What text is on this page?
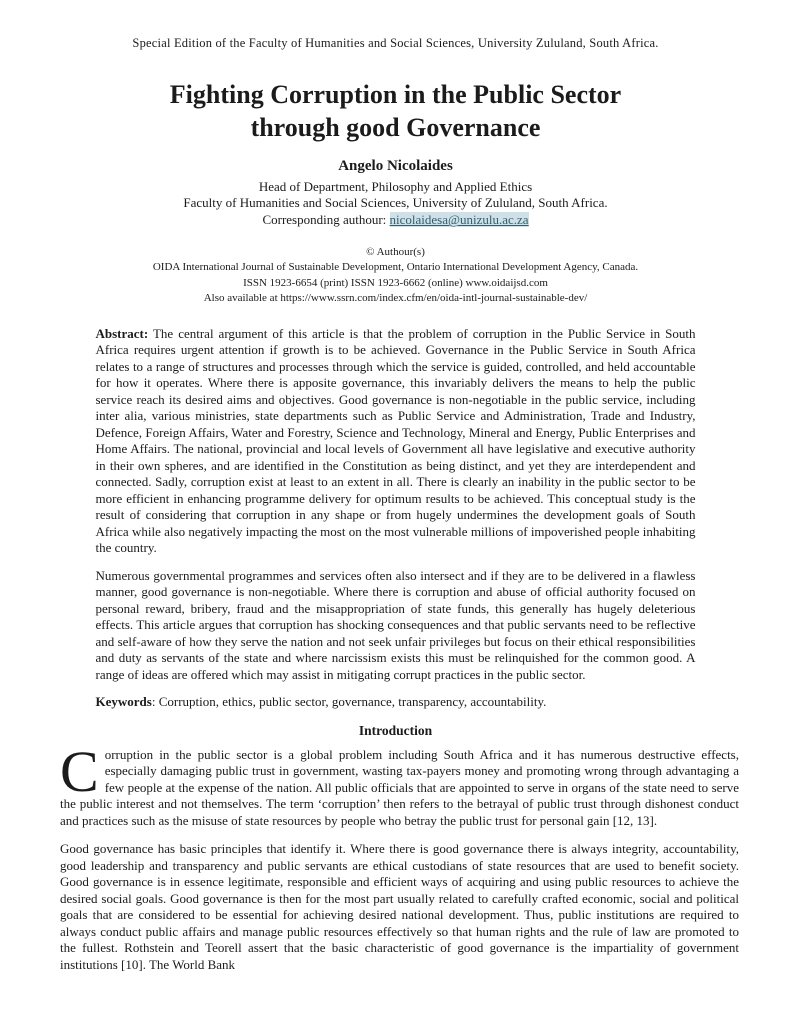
Special Edition of the Faculty of Humanities and Social Sciences, University Zululand, South Africa.
Fighting Corruption in the Public Sector
through good Governance
Angelo Nicolaides
Head of Department, Philosophy and Applied Ethics
Faculty of Humanities and Social Sciences, University of Zululand, South Africa.
Corresponding authour: nicolaidesa@unizulu.ac.za
© Authour(s)
OIDA International Journal of Sustainable Development, Ontario International Development Agency, Canada.
ISSN 1923-6654 (print) ISSN 1923-6662 (online) www.oidaijsd.com
Also available at https://www.ssrn.com/index.cfm/en/oida-intl-journal-sustainable-dev/

Abstract: The central argument of this article is that the problem of corruption in the Public Service in South Africa requires urgent attention if growth is to be achieved. Governance in the Public Service in South Africa relates to a range of structures and processes through which the service is guided, controlled, and held accountable for how it operates. Where there is apposite governance, this invariably delivers the means to help the public service reach its desired aims and objectives. Good governance is non-negotiable in the public service, including inter alia, various ministries, state departments such as Public Service and Administration, Trade and Industry, Defence, Foreign Affairs, Water and Forestry, Science and Technology, Mineral and Energy, Public Enterprises and Home Affairs. The national, provincial and local levels of Government all have legislative and executive authority in their own spheres, and are identified in the Constitution as being distinct, and yet they are interdependent and connected. Sadly, corruption exist at least to an extent in all. There is clearly an inability in the public sector to be more efficient in enhancing programme delivery for optimum results to be achieved. This conceptual study is the result of considering that corruption in any shape or from hugely undermines the development goals of South Africa while also negatively impacting the most on the most vulnerable millions of impoverished people inhabiting the country.

Numerous governmental programmes and services often also intersect and if they are to be delivered in a flawless manner, good governance is non-negotiable. Where there is corruption and abuse of official authority focused on personal reward, bribery, fraud and the misappropriation of state funds, this generally has hugely deleterious effects. This article argues that corruption has shocking consequences and that public servants need to be reflective and self-aware of how they serve the nation and not seek unfair privileges but focus on their ethical responsibilities and duty as servants of the state and where narcissism exists this must be relinquished for the common good. A range of ideas are offered which may assist in mitigating corrupt practices in the public sector.

Keywords: Corruption, ethics, public sector, governance, transparency, accountability.
Introduction

Corruption in the public sector is a global problem including South Africa and it has numerous destructive effects, especially damaging public trust in government, wasting tax-payers money and promoting wrong through advantaging a few people at the expense of the nation. All public officials that are appointed to serve in organs of the state need to serve the public interest and not themselves. The term ‘corruption’ then refers to the betrayal of public trust through dishonest conduct and practices such as the misuse of state resources by people who betray the public trust for personal gain [12, 13].

Good governance has basic principles that identify it. Where there is good governance there is always integrity, accountability, good leadership and transparency and public servants are ethical custodians of state resources that are used to benefit society. Good governance is in essence legitimate, responsible and efficient ways of acquiring and using public resources to achieve the desired social goals. Good governance is then for the most part usually related to carefully crafted economic, social and political goals that are considered to be essential for achieving desired national development. Thus, public institutions are required to always conduct public affairs and manage public resources effectively so that human rights and the rule of law are promoted to the fullest. Rothstein and Teorell assert that the basic characteristic of good governance is the impartiality of government institutions [10]. The World Bank
